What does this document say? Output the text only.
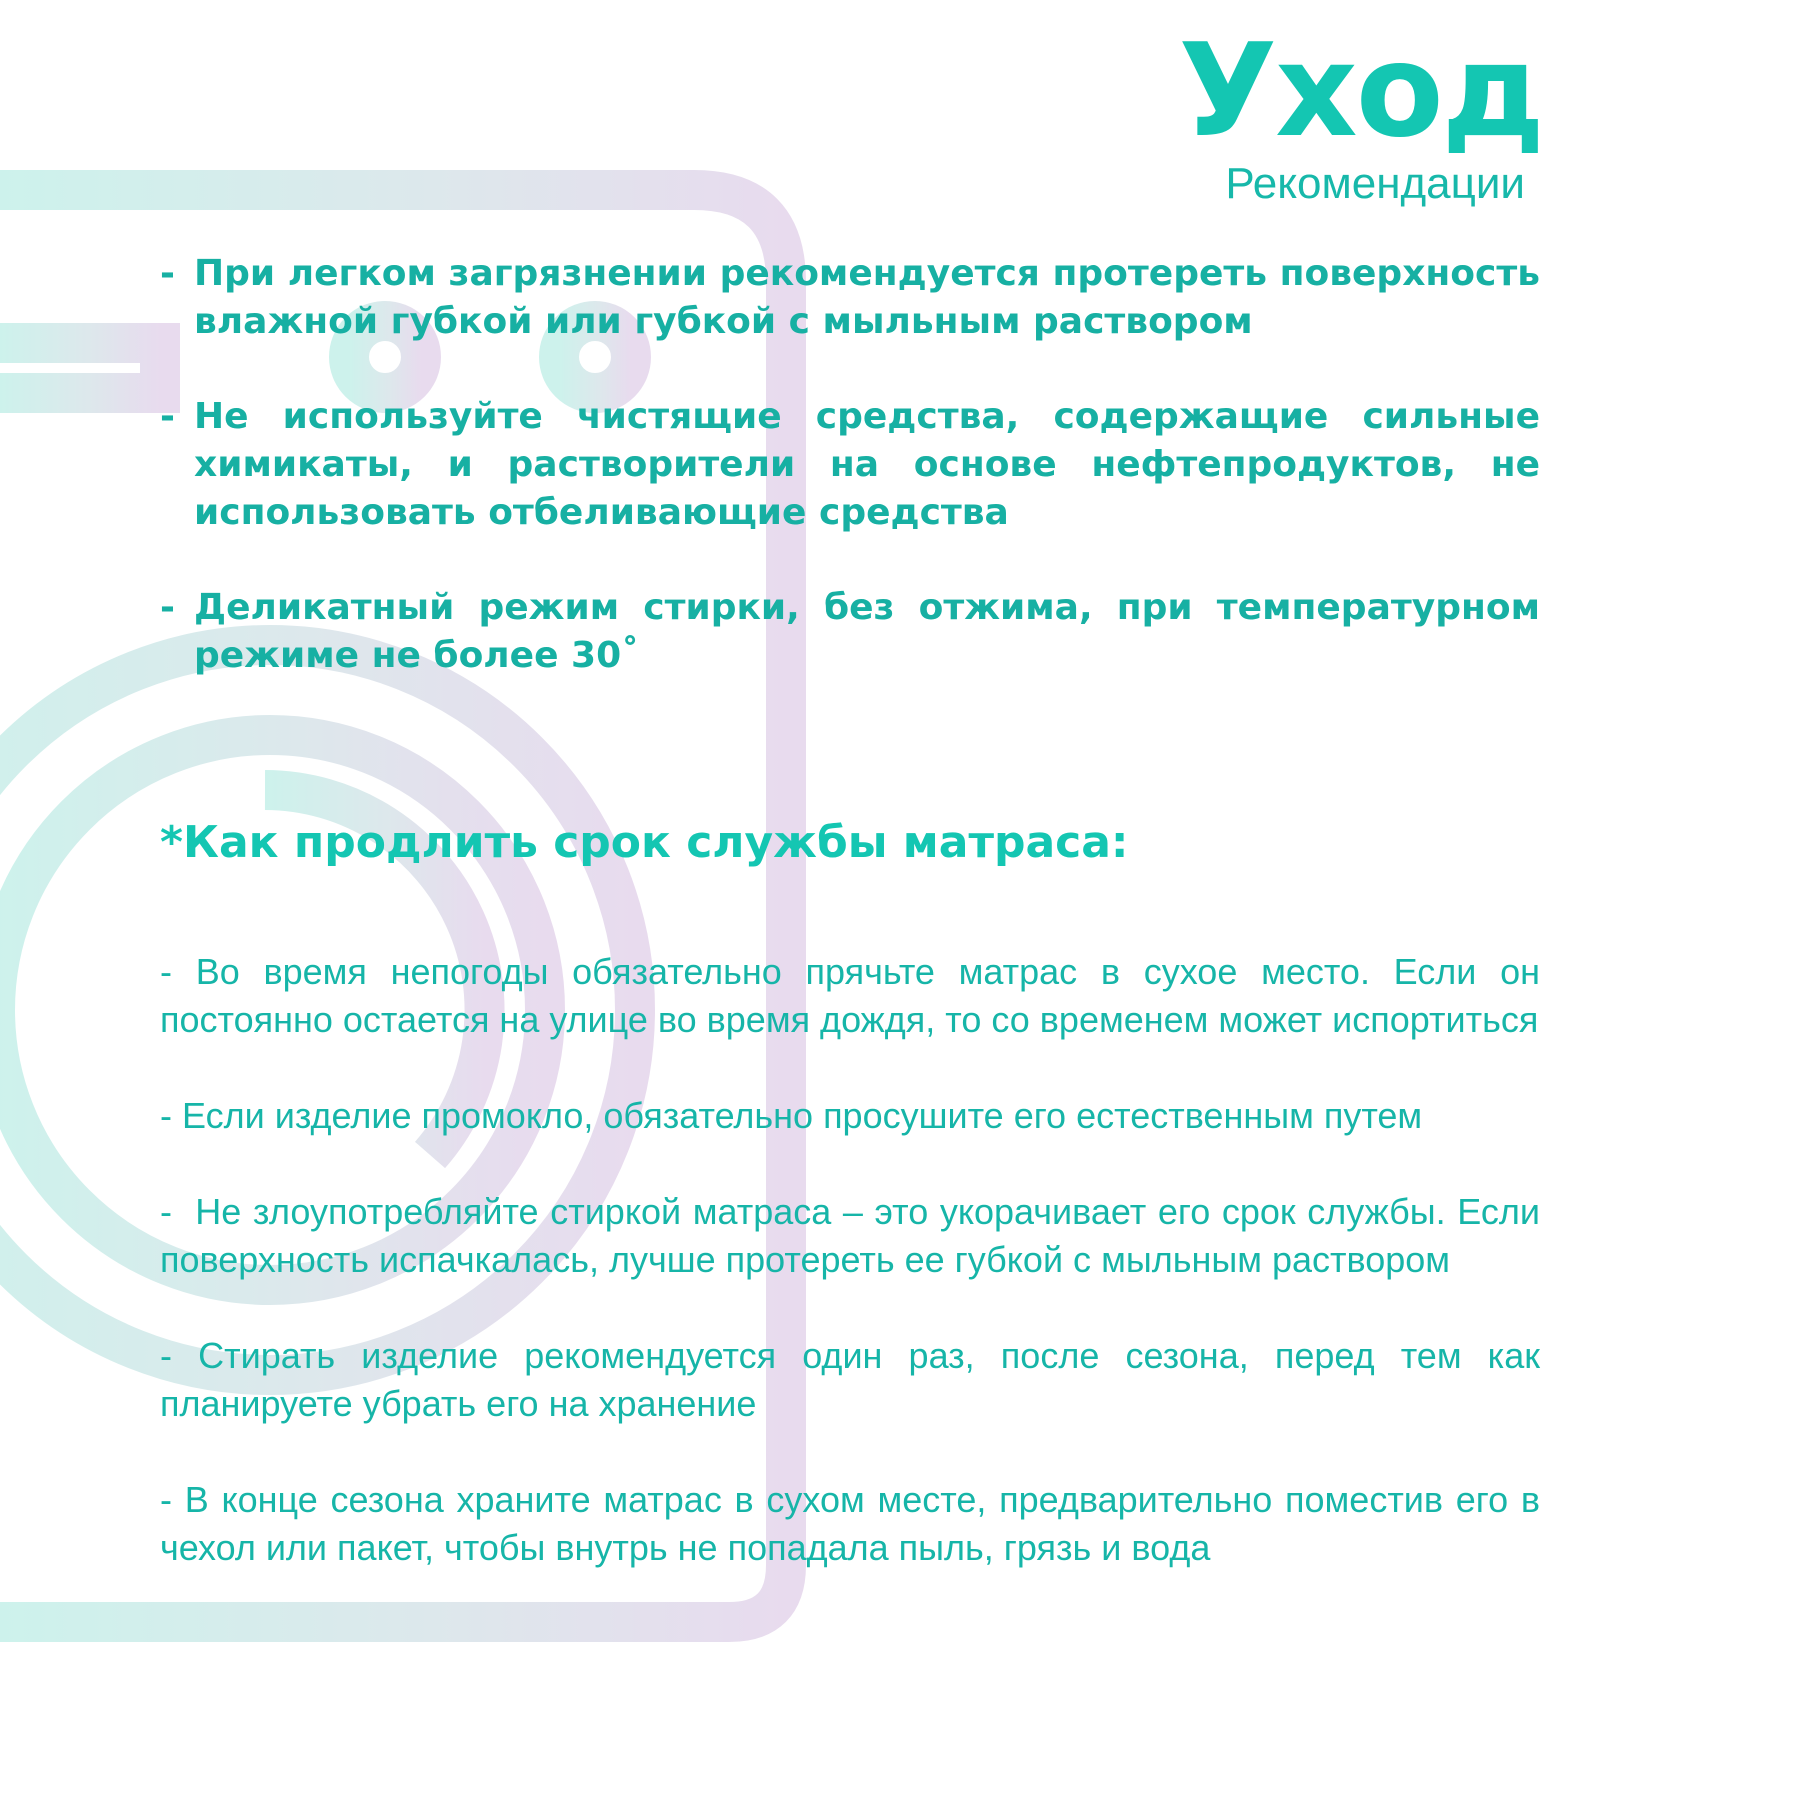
Уход
Рекомендации
- При легком загрязнении рекомендуется протереть поверхность влажной губкой или губкой с мыльным раствором
- Не используйте чистящие средства, содержащие сильные химикаты, и растворители на основе нефтепродуктов, не использовать отбеливающие средства
- Деликатный режим стирки, без отжима, при температурном режиме не более 30˚
*Как продлить срок службы матраса:

- Во время непогоды обязательно прячьте матрас в сухое место. Если он постоянно остается на улице во время дождя, то со временем может испортиться

- Если изделие промокло, обязательно просушите его естественным путем

-  Не злоупотребляйте стиркой матраса – это укорачивает его срок службы. Если поверхность испачкалась, лучше протереть ее губкой с мыльным раствором

- Стирать изделие рекомендуется один раз, после сезона, перед тем как планируете убрать его на хранение

- В конце сезона храните матрас в сухом месте, предварительно поместив его в чехол или пакет, чтобы внутрь не попадала пыль, грязь и вода
